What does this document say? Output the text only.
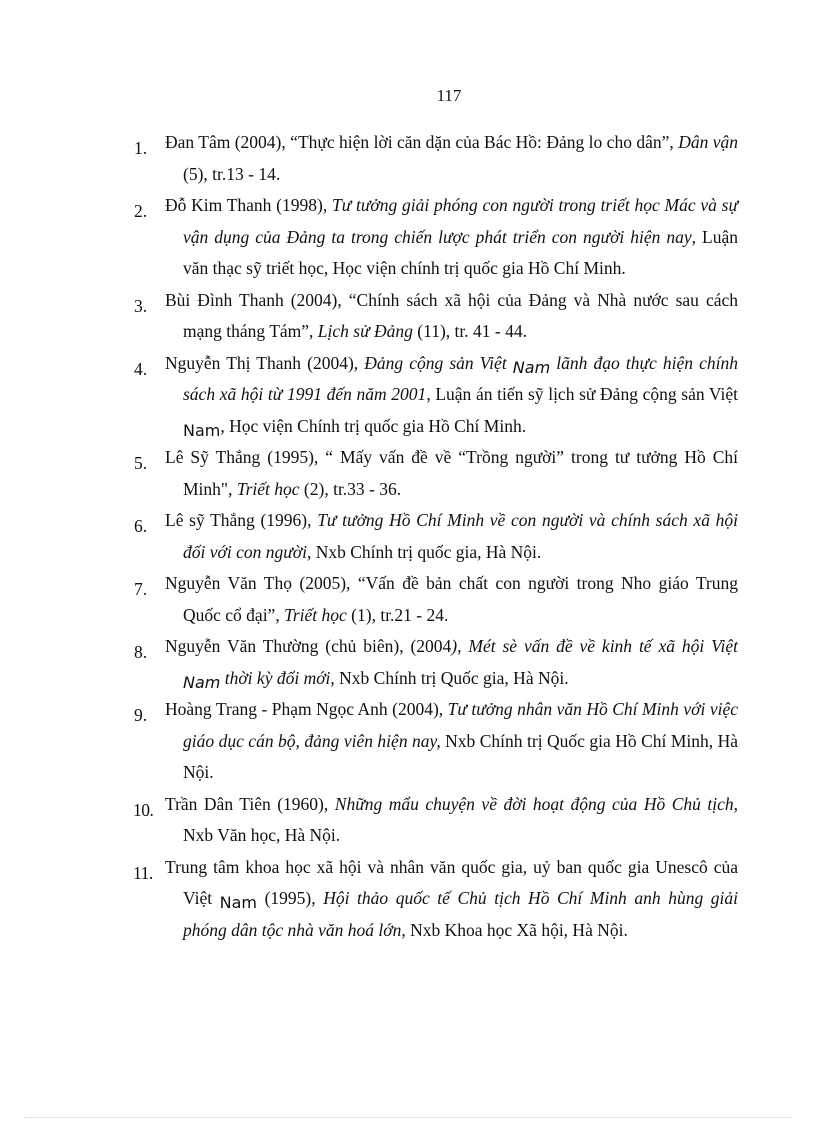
117
1. Đan Tâm (2004), “Thực hiện lời căn dặn của Bác Hồ: Đảng lo cho dân”, Dân vận (5), tr.13 - 14.
2. Đỗ Kim Thanh (1998), Tư tưởng giải phóng con người trong triết học Mác và sự vận dụng của Đảng ta trong chiến lược phát triển con người hiện nay, Luận văn thạc sỹ triết học, Học viện chính trị quốc gia Hồ Chí Minh.
3. Bùi Đình Thanh (2004), “Chính sách xã hội của Đảng và Nhà nước sau cách mạng tháng Tám”, Lịch sử Đảng (11), tr. 41 - 44.
4. Nguyễn Thị Thanh (2004), Đảng cộng sản Việt Nam lãnh đạo thực hiện chính sách xã hội từ 1991 đến năm 2001, Luận án tiến sỹ lịch sử Đảng cộng sản Việt Nam, Học viện Chính trị quốc gia Hồ Chí Minh.
5. Lê Sỹ Thắng (1995), “ Mấy vấn đề về “Trồng người” trong tư tưởng Hồ Chí Minh", Triết học (2), tr.33 - 36.
6. Lê sỹ Thắng (1996), Tư tưởng Hồ Chí Minh về con người và chính sách xã hội đối với con người, Nxb Chính trị quốc gia, Hà Nội.
7. Nguyễn Văn Thọ (2005), “Vấn đề bản chất con người trong Nho giáo Trung Quốc cổ đại”, Triết học (1), tr.21 - 24.
8. Nguyễn Văn Thường (chủ biên), (2004), Mét sè vấn đề về kinh tế xã hội Việt Nam thời kỳ đổi mới, Nxb Chính trị Quốc gia, Hà Nội.
9. Hoàng Trang - Phạm Ngọc Anh (2004), Tư tưởng nhân văn Hồ Chí Minh với việc giáo dục cán bộ, đảng viên hiện nay, Nxb Chính trị Quốc gia Hồ Chí Minh, Hà Nội.
10. Trần Dân Tiên (1960), Những mẩu chuyện về đời hoạt động của Hồ Chủ tịch, Nxb Văn học, Hà Nội.
11. Trung tâm khoa học xã hội và nhân văn quốc gia, uỷ ban quốc gia Unescô của Việt Nam (1995), Hội thảo quốc tế Chủ tịch Hồ Chí Minh anh hùng giải phóng dân tộc nhà văn hoá lớn, Nxb Khoa học Xã hội, Hà Nội.
